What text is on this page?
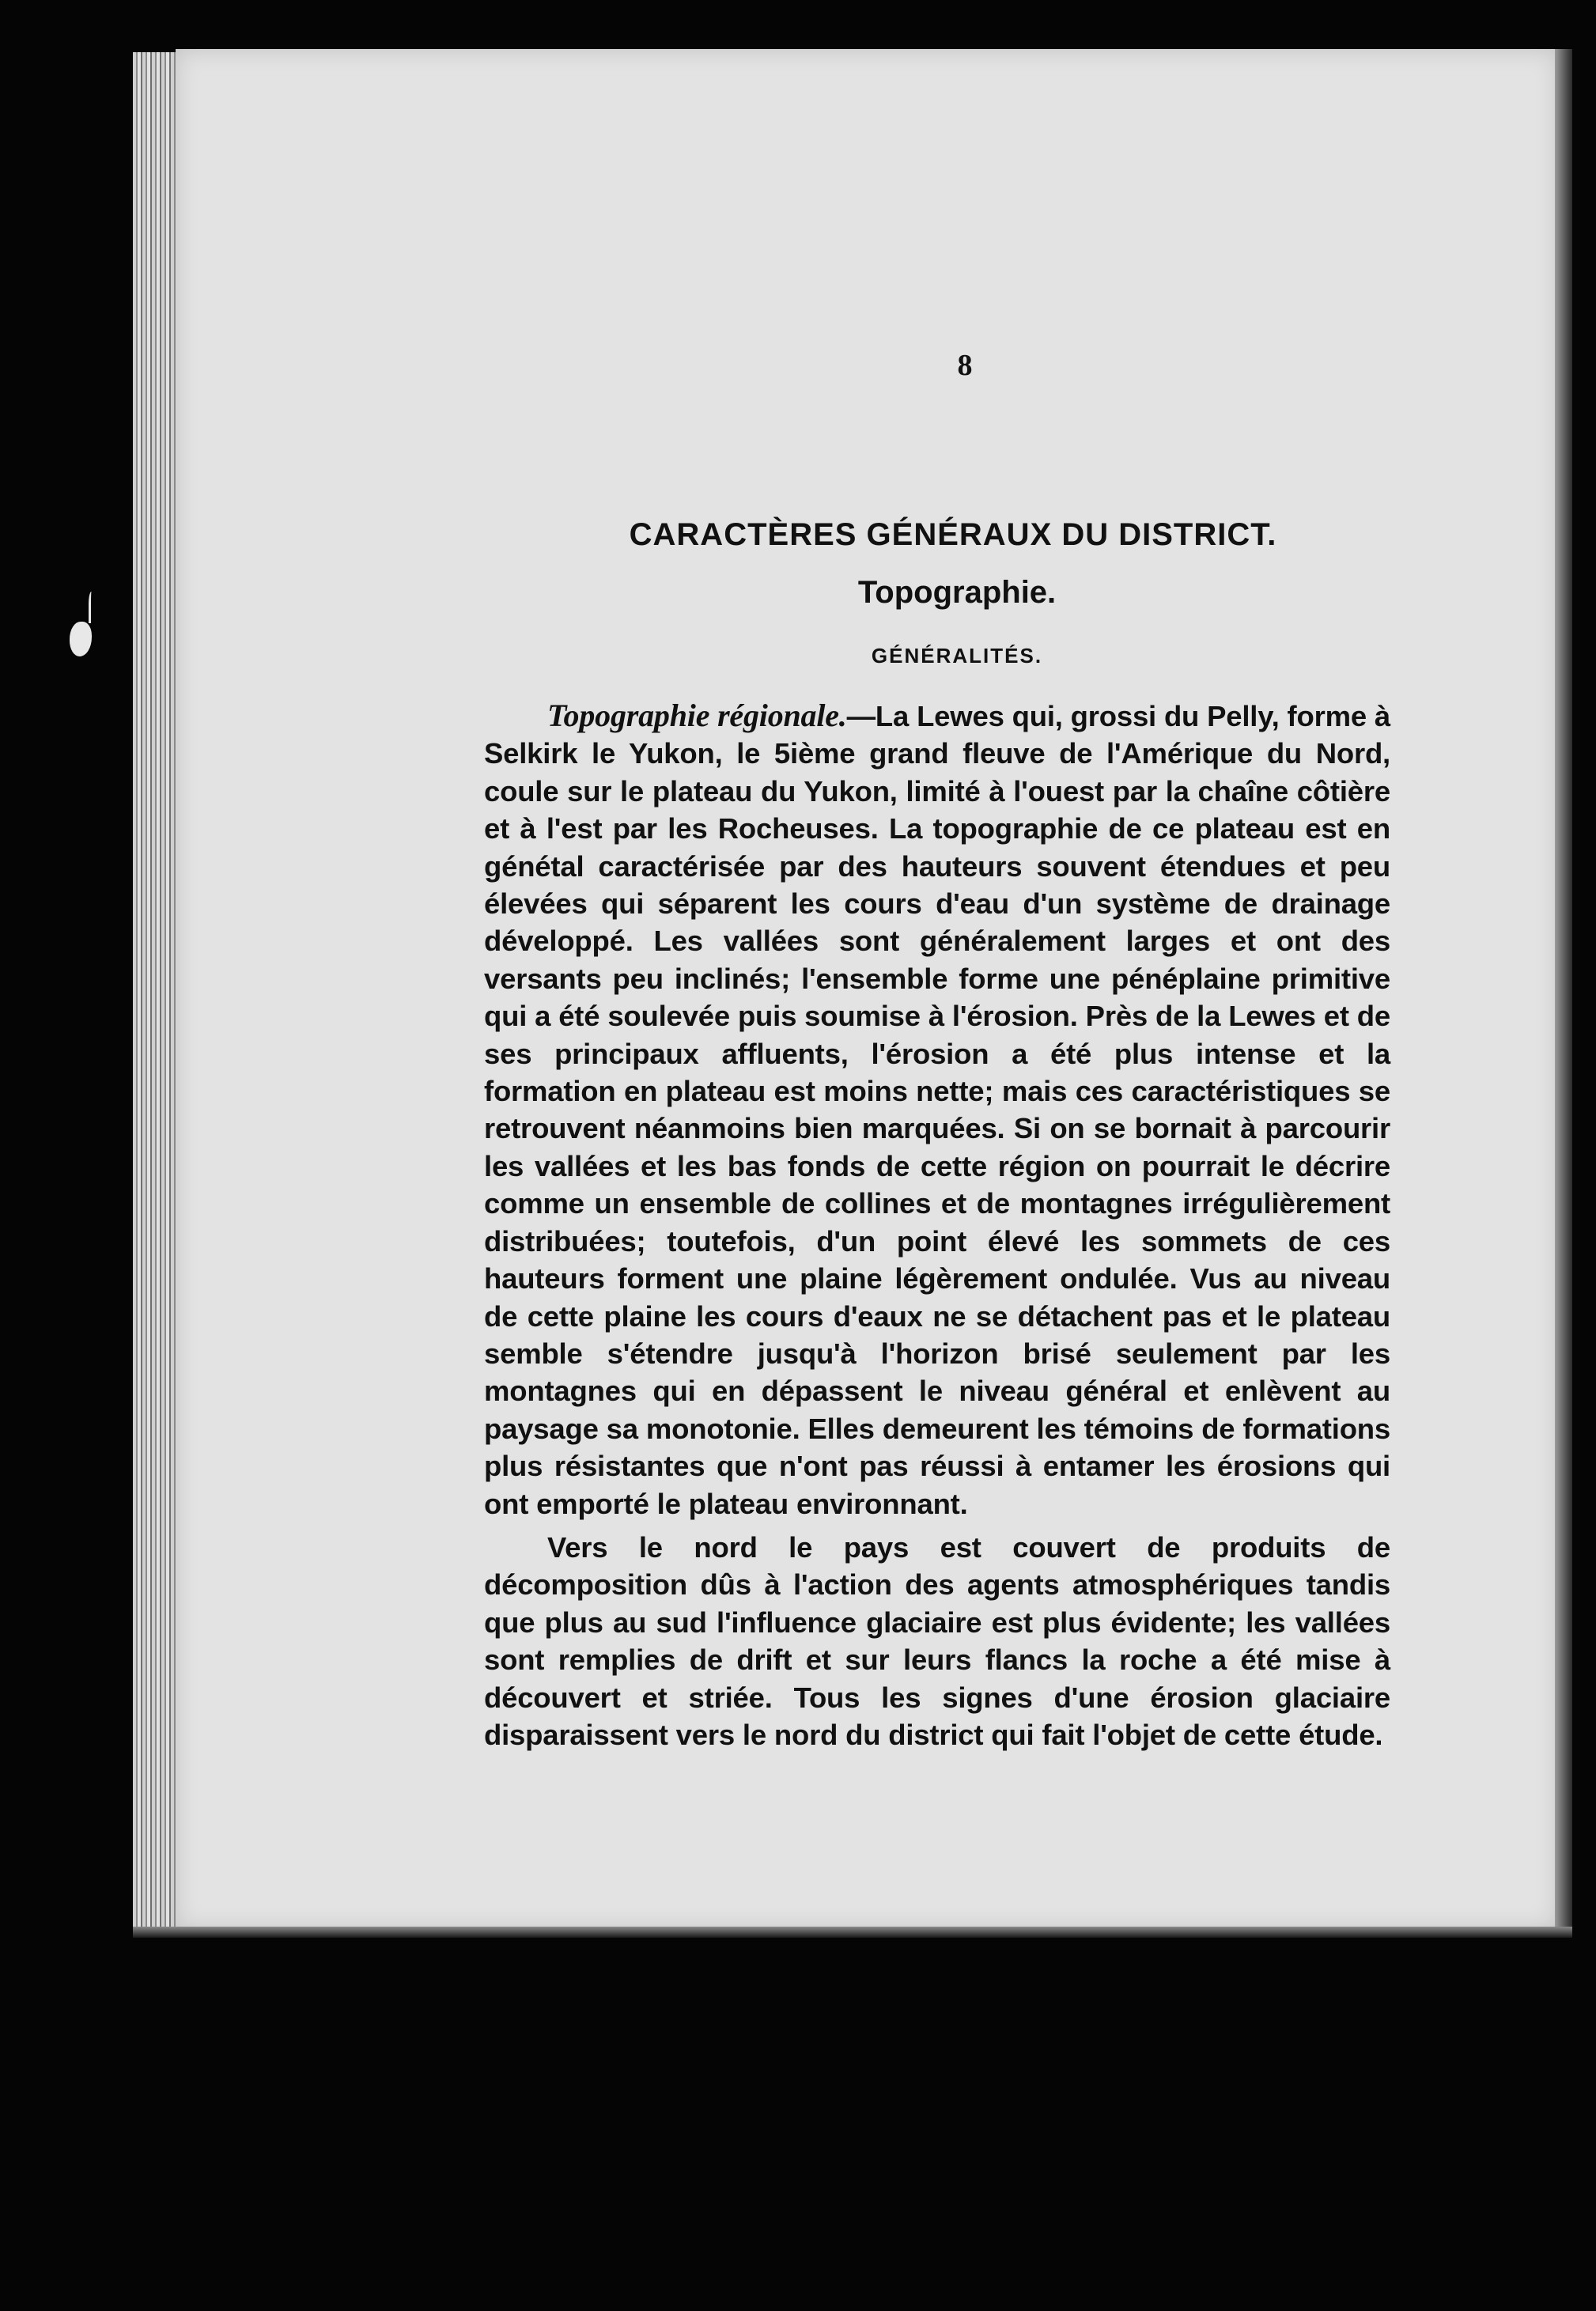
8
CARACTÈRES GÉNÉRAUX DU DISTRICT.
Topographie.
GÉNÉRALITÉS.

Topographie régionale.—La Lewes qui, grossi du Pelly, forme à Selkirk le Yukon, le 5ième grand fleuve de l'Amérique du Nord, coule sur le plateau du Yukon, limité à l'ouest par la chaîne côtière et à l'est par les Rocheuses. La topographie de ce plateau est en génétal caractérisée par des hauteurs souvent étendues et peu élevées qui séparent les cours d'eau d'un système de drainage développé. Les vallées sont généralement larges et ont des versants peu inclinés; l'ensemble forme une pénéplaine primitive qui a été soulevée puis soumise à l'érosion. Près de la Lewes et de ses principaux affluents, l'érosion a été plus intense et la formation en plateau est moins nette; mais ces caractéristiques se retrouvent néanmoins bien marquées. Si on se bornait à parcourir les vallées et les bas fonds de cette région on pourrait le décrire comme un ensemble de collines et de montagnes irrégulièrement distribuées; toutefois, d'un point élevé les sommets de ces hauteurs forment une plaine légèrement ondulée. Vus au niveau de cette plaine les cours d'eaux ne se détachent pas et le plateau semble s'étendre jusqu'à l'horizon brisé seulement par les montagnes qui en dépassent le niveau général et enlèvent au paysage sa monotonie. Elles demeurent les témoins de formations plus résistantes que n'ont pas réussi à entamer les érosions qui ont emporté le plateau environnant.

Vers le nord le pays est couvert de produits de décomposition dûs à l'action des agents atmosphériques tandis que plus au sud l'influence glaciaire est plus évidente; les vallées sont remplies de drift et sur leurs flancs la roche a été mise à découvert et striée. Tous les signes d'une érosion glaciaire disparaissent vers le nord du district qui fait l'objet de cette étude.
